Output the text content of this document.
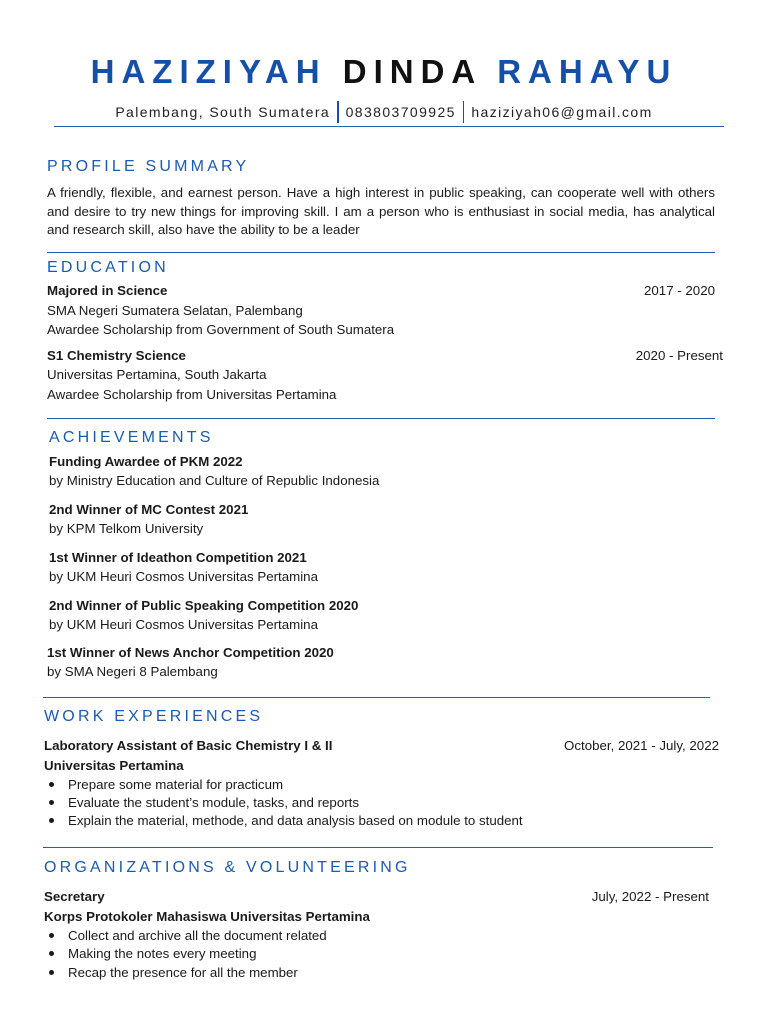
HAZIZIYAH DINDA RAHAYU
Palembang, South Sumatera 083803709925 haziziyah06@gmail.com
PROFILE SUMMARY
A friendly, flexible, and earnest person. Have a high interest in public speaking, can cooperate well with others and desire to try new things for improving skill. I am a person who is enthusiast in social media, has analytical and research skill, also have the ability to be a leader
EDUCATION
Majored in Science	2017 - 2020
SMA Negeri Sumatera Selatan, Palembang
Awardee Scholarship from Government of South Sumatera
S1 Chemistry Science	2020 - Present
Universitas Pertamina, South Jakarta
Awardee Scholarship from Universitas Pertamina
ACHIEVEMENTS
Funding Awardee of PKM 2022
by Ministry Education and Culture of Republic Indonesia
2nd Winner of MC Contest 2021
by KPM Telkom University
1st Winner of Ideathon Competition 2021
by UKM Heuri Cosmos Universitas Pertamina
2nd Winner of Public Speaking Competition 2020
by UKM Heuri Cosmos Universitas Pertamina
1st Winner of News Anchor Competition 2020
by SMA Negeri 8 Palembang
WORK EXPERIENCES
Laboratory Assistant of Basic Chemistry I & II	October, 2021 - July, 2022
Universitas Pertamina
Prepare some material for practicum
Evaluate the student’s module, tasks, and reports
Explain the material, methode, and data analysis based on module to student
ORGANIZATIONS & VOLUNTEERING
Secretary	July, 2022 - Present
Korps Protokoler Mahasiswa Universitas Pertamina
Collect and archive all the document related
Making the notes every meeting
Recap the presence for all the member
